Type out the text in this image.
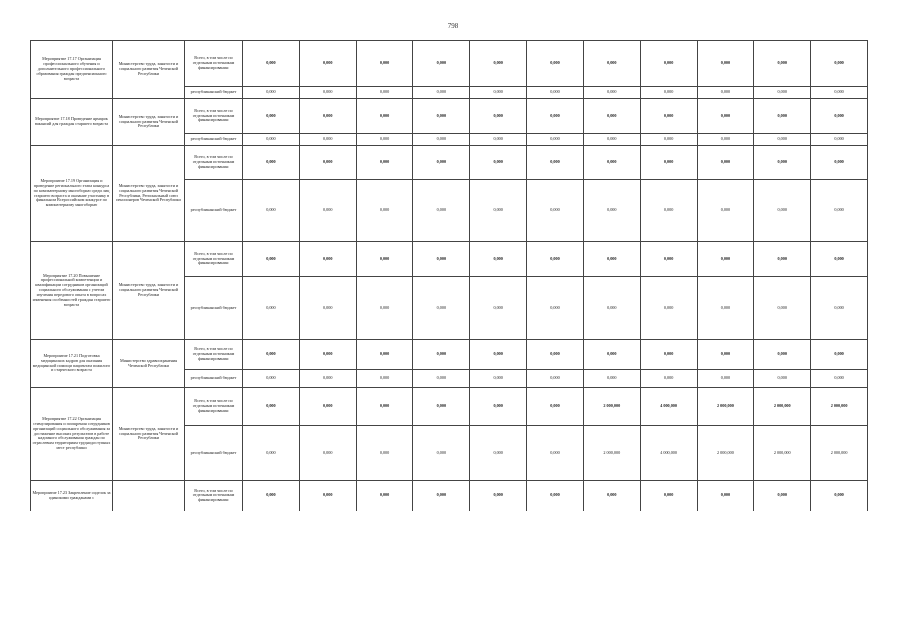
798
Мероприятие 17.17 Организация профессионального обучения и дополнительного профессионального образования граждан предпенсионного возраста	Министерство труда, занятости и социального развития Чеченской Республики	Всего, в том числе по отдельным источникам финансирования:	0,000	0,000	0,000	0,000	0,000	0,000	0,000	0,000	0,000	0,000	0,000
		республиканский бюджет	0,000	0,000	0,000	0,000	0,000	0,000	0,000	0,000	0,000	0,000	0,000
Мероприятие 17.18 Проведение ярмарок вакансий для граждан старшего возраста	Министерство труда, занятости и социального развития Чеченской Республики	Всего, в том числе по отдельным источникам финансирования:	0,000	0,000	0,000	0,000	0,000	0,000	0,000	0,000	0,000	0,000	0,000
		республиканский бюджет	0,000	0,000	0,000	0,000	0,000	0,000	0,000	0,000	0,000	0,000	0,000
Мероприятие 17.19 Организация и проведение регионального этапа конкурса по компьютерному многоборью среди лиц старшего возраста и оказание участнику в финальном Всероссийском конкурсе по компьютерному многоборью	Министерство труда, занятости и социального развития Чеченской Республики, Региональный союз пенсионеров Чеченской Республики	Всего, в том числе по отдельным источникам финансирования:	0,000	0,000	0,000	0,000	0,000	0,000	0,000	0,000	0,000	0,000	0,000
		республиканский бюджет	0,000	0,000	0,000	0,000	0,000	0,000	0,000	0,000	0,000	0,000	0,000
Мероприятие 17.20 Повышение профессиональной компетенции и квалификации сотрудников организаций социального обслуживания с учетом изучения передового опыта в вопросах изменения особенностей граждан старшего возраста	Министерство труда, занятости и социального развития Чеченской Республики	Всего, в том числе по отдельным источникам финансирования:	0,000	0,000	0,000	0,000	0,000	0,000	0,000	0,000	0,000	0,000	0,000
		республиканский бюджет	0,000	0,000	0,000	0,000	0,000	0,000	0,000	0,000	0,000	0,000	0,000
Мероприятие 17.21 Подготовка медицинских кадров для оказания медицинской помощи пациентам пожилого и старческого возраста	Министерство здравоохранения Чеченской Республики	Всего, в том числе по отдельным источникам финансирования:	0,000	0,000	0,000	0,000	0,000	0,000	0,000	0,000	0,000	0,000	0,000
		республиканский бюджет	0,000	0,000	0,000	0,000	0,000	0,000	0,000	0,000	0,000	0,000	0,000
Мероприятие 17.22 Организация стимулирования и поощрения сотрудников организаций социального обслуживания за достижение высоких результатов в работе надомного обслуживания граждан по отраслевым территориям труднодоступных мест республики	Министерство труда, занятости и социального развития Чеченской Республики	Всего, в том числе по отдельным источникам финансирования:	0,000	0,000	0,000	0,000	0,000	0,000	2 000,000	4 000,000	2 000,000	2 000,000	2 000,000
		республиканский бюджет	0,000	0,000	0,000	0,000	0,000	0,000	2 000,000	4 000,000	2 000,000	2 000,000	2 000,000
Мероприятие 17.23 Закрепление сиделок за одинокими гражданами с		Всего, в том числе по отдельным источникам финансирования:	0,000	0,000	0,000	0,000	0,000	0,000	0,000	0,000	0,000	0,000	0,000
